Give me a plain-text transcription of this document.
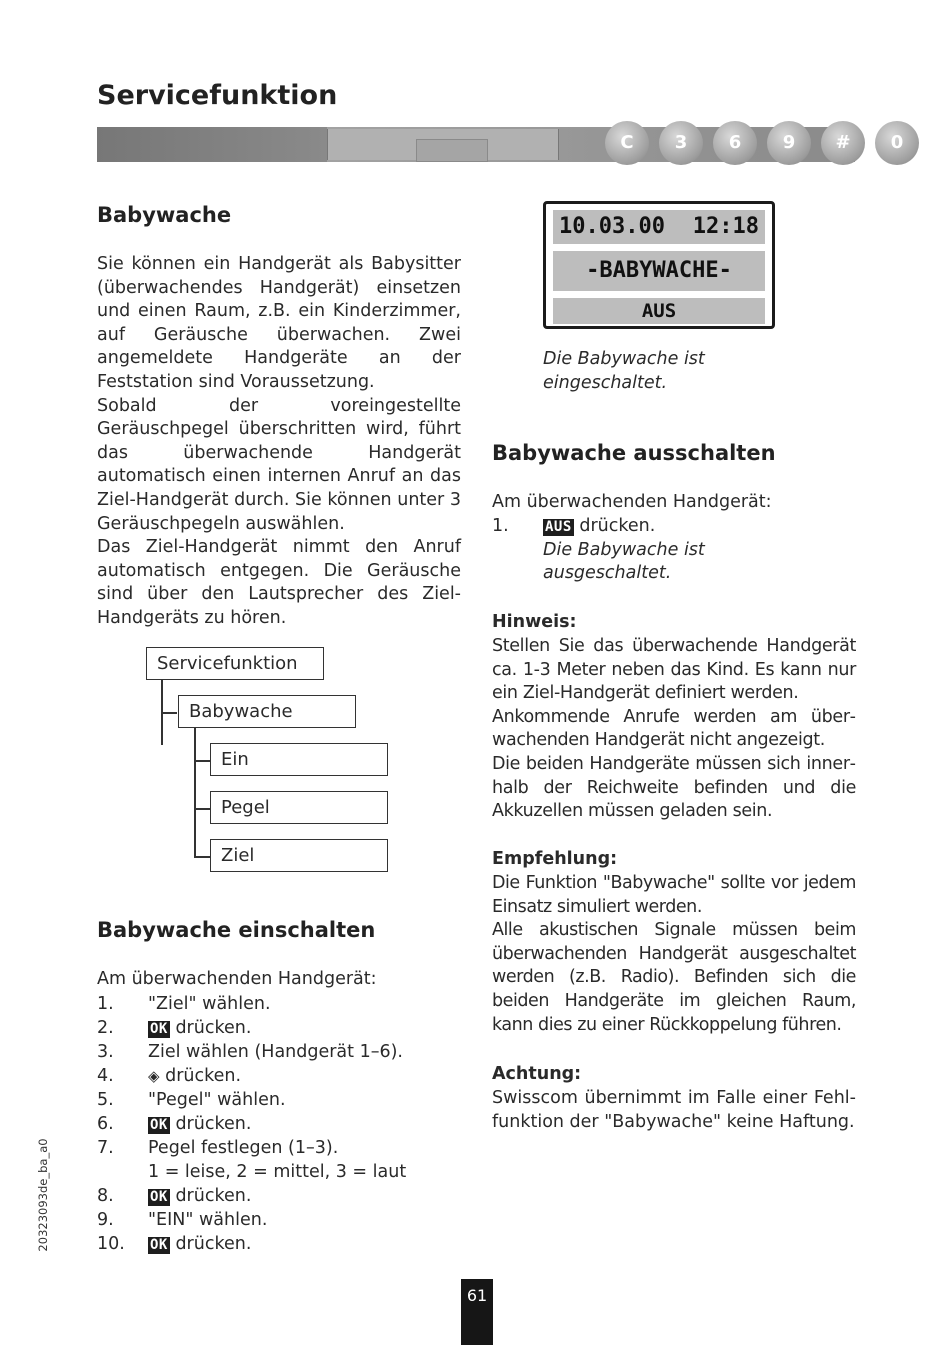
Servicefunktion
C	3	6	9	#	0
Babywache

Sie können ein Handgerät als Babysitter (überwachendes Handgerät) einsetzen und einen Raum, z.B. ein Kinderzimmer, auf Geräusche überwachen. Zwei angemeldete Handgeräte an der Feststation sind Voraussetzung.

Sobald der voreingestellte Geräuschpegel überschritten wird, führt das überwachende Handgerät automatisch einen internen Anruf an das Ziel-Handgerät durch. Sie können unter 3 Geräuschpegeln auswählen.

Das Ziel-Handgerät nimmt den Anruf automatisch entgegen. Die Geräusche sind über den Lautsprecher des Ziel-Handgeräts zu hören.

Servicefunktion
Babywache
Ein
Pegel
Ziel
Babywache einschalten
Am überwachenden Handgerät:
1.	"Ziel" wählen.
2.	OK drücken.
3.	Ziel wählen (Handgerät 1–6).
4.	◈ drücken.
5.	"Pegel" wählen.
6.	OK drücken.
7.	Pegel festlegen (1–3).
1 = leise, 2 = mittel, 3 = laut
8.	OK drücken.
9.	"EIN" wählen.
10.	OK drücken.
20323093de_ba_a0
10.03.00 12:18
-BABYWACHE-
AUS
Die Babywache ist
eingeschaltet.
Babywache ausschalten
Am überwachenden Handgerät:
1.	AUS drücken.
Die Babywache ist
ausgeschaltet.
Hinweis:

Stellen Sie das überwachende Handgerät ca. 1-3 Meter neben das Kind. Es kann nur ein Ziel-Handgerät definiert werden.

Ankommende Anrufe werden am überwachenden Handgerät nicht angezeigt.

Die beiden Handgeräte müssen sich innerhalb der Reichweite befinden und die Akkuzellen müssen geladen sein.

Empfehlung:

Die Funktion "Babywache" sollte vor jedem Einsatz simuliert werden.

Alle akustischen Signale müssen beim überwachenden Handgerät ausgeschaltet werden (z.B. Radio). Befinden sich die beiden Handgeräte im gleichen Raum, kann dies zu einer Rückkoppelung führen.

Achtung:

Swisscom übernimmt im Falle einer Fehlfunktion der "Babywache" keine Haftung.

61
